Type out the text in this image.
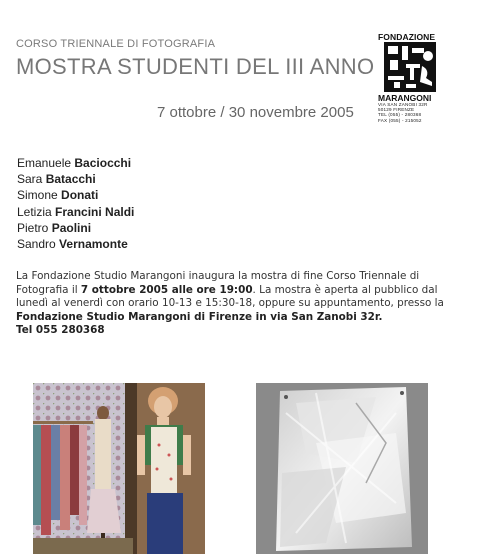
CORSO TRIENNALE DI FOTOGRAFIA
MOSTRA STUDENTI DEL III ANNO
7 ottobre / 30 novembre 2005
FONDAZIONE
MARANGONI
VIA SAN ZANOBI 32R
50129 FIRENZE
TEL (055) - 280368
FAX (055) - 215052
Emanuele Baciocchi
Sara Batacchi
Simone Donati
Letizia Francini Naldi
Pietro Paolini
Sandro Vernamonte

La Fondazione Studio Marangoni inaugura la mostra di fine Corso Triennale di Fotografia il 7 ottobre 2005 alle ore 19:00. La mostra è aperta al pubblico dal lunedì al venerdì con orario 10-13 e 15:30-18, oppure su appuntamento, presso la Fondazione Studio Marangoni di Firenze in via San Zanobi 32r.
Tel 055 280368
